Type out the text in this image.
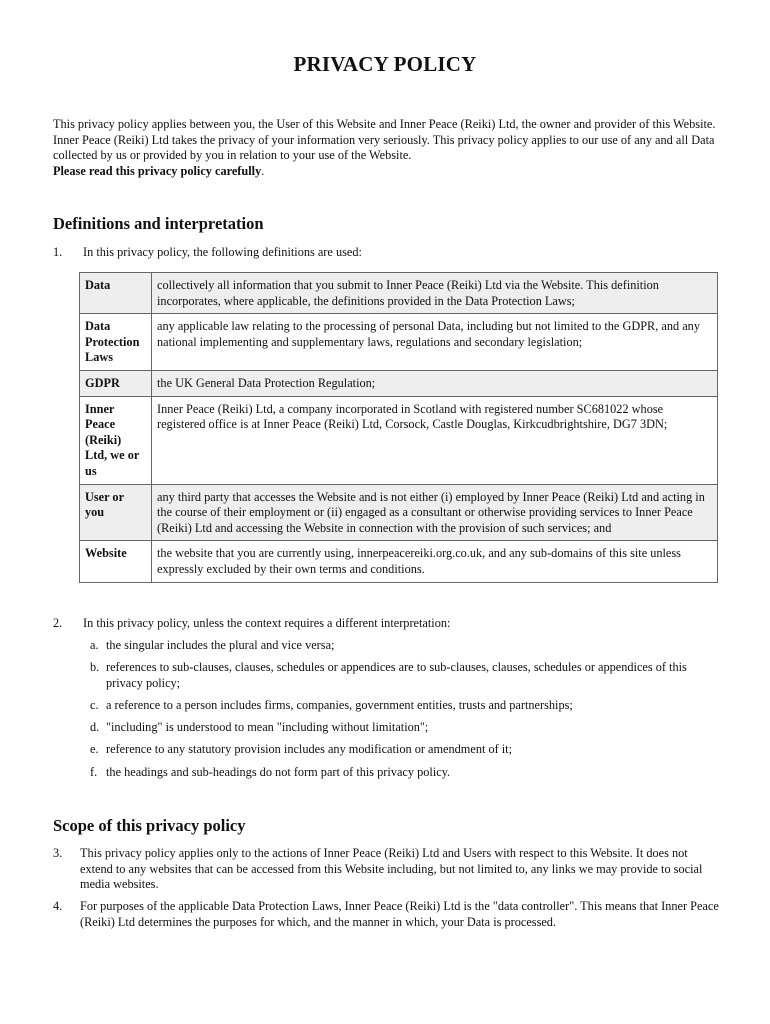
PRIVACY POLICY
This privacy policy applies between you, the User of this Website and Inner Peace (Reiki) Ltd, the owner and provider of this Website. Inner Peace (Reiki) Ltd takes the privacy of your information very seriously. This privacy policy applies to our use of any and all Data collected by us or provided by you in relation to your use of the Website.
Please read this privacy policy carefully.
Definitions and interpretation
1. In this privacy policy, the following definitions are used:
Data	collectively all information that you submit to Inner Peace (Reiki) Ltd via the Website. This definition incorporates, where applicable, the definitions provided in the Data Protection Laws;
Data Protection Laws	any applicable law relating to the processing of personal Data, including but not limited to the GDPR, and any national implementing and supplementary laws, regulations and secondary legislation;
GDPR	the UK General Data Protection Regulation;
Inner Peace (Reiki) Ltd, we or us	Inner Peace (Reiki) Ltd, a company incorporated in Scotland with registered number SC681022 whose registered office is at Inner Peace (Reiki) Ltd, Corsock, Castle Douglas, Kirkcudbrightshire, DG7 3DN;
User or you	any third party that accesses the Website and is not either (i) employed by Inner Peace (Reiki) Ltd and acting in the course of their employment or (ii) engaged as a consultant or otherwise providing services to Inner Peace (Reiki) Ltd and accessing the Website in connection with the provision of such services; and
Website	the website that you are currently using, innerpeacereiki.org.co.uk, and any sub-domains of this site unless expressly excluded by their own terms and conditions.
2. In this privacy policy, unless the context requires a different interpretation:
a. the singular includes the plural and vice versa;
b. references to sub-clauses, clauses, schedules or appendices are to sub-clauses, clauses, schedules or appendices of this privacy policy;
c. a reference to a person includes firms, companies, government entities, trusts and partnerships;
d. "including" is understood to mean "including without limitation";
e. reference to any statutory provision includes any modification or amendment of it;
f. the headings and sub-headings do not form part of this privacy policy.
Scope of this privacy policy
3. This privacy policy applies only to the actions of Inner Peace (Reiki) Ltd and Users with respect to this Website. It does not extend to any websites that can be accessed from this Website including, but not limited to, any links we may provide to social media websites.
4. For purposes of the applicable Data Protection Laws, Inner Peace (Reiki) Ltd is the "data controller". This means that Inner Peace (Reiki) Ltd determines the purposes for which, and the manner in which, your Data is processed.
